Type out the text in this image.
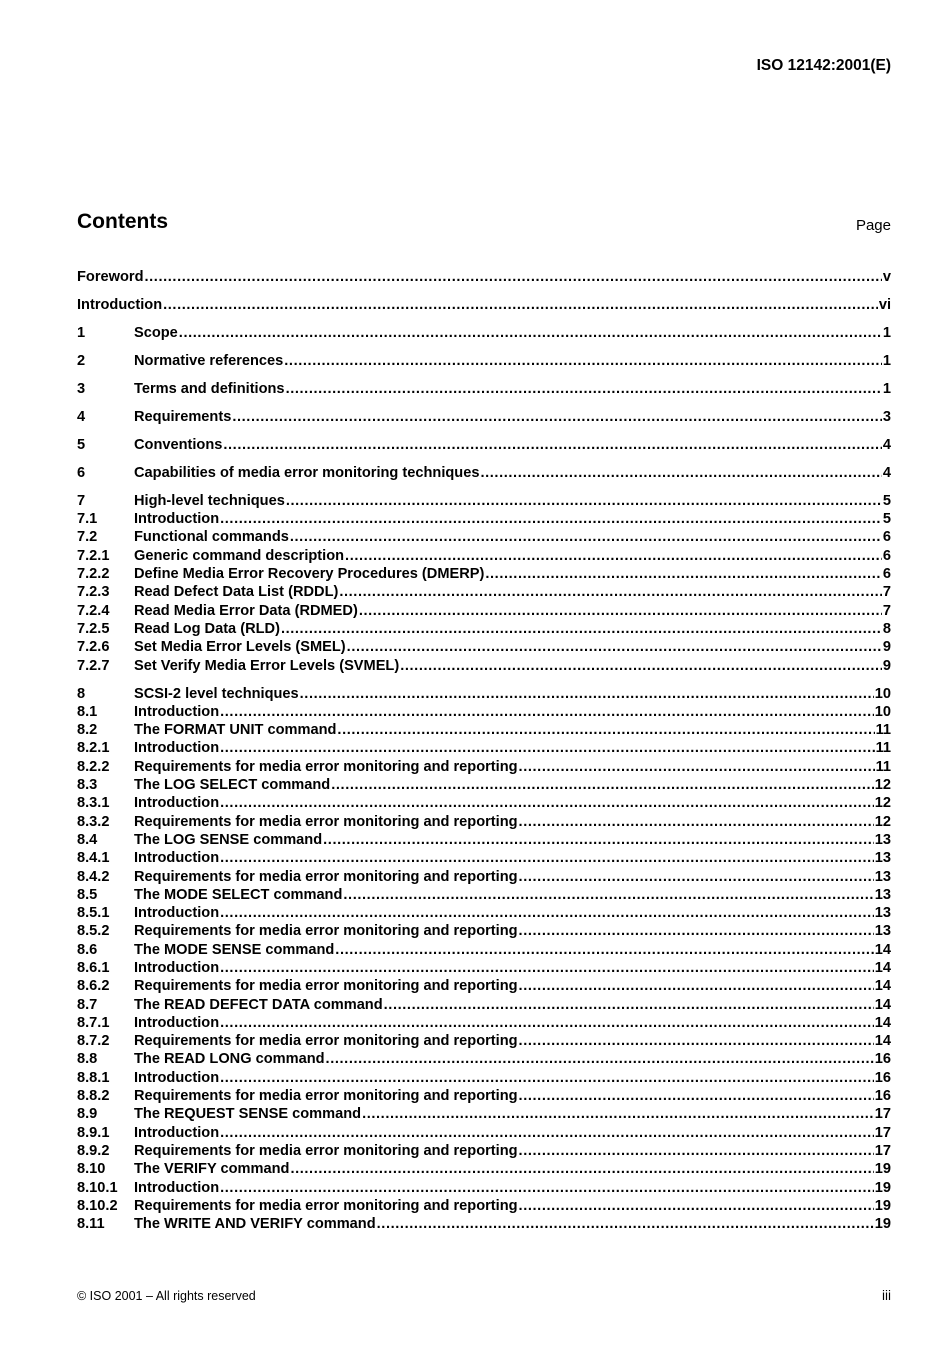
ISO 12142:2001(E)
Contents	Page
Foreword .....	v
Introduction .....	vi
1	Scope .....	1
2	Normative references .....	1
3	Terms and definitions .....	1
4	Requirements .....	3
5	Conventions .....	4
6	Capabilities of media error monitoring techniques .....	4
7	High-level techniques .....	5
7.1	Introduction .....	5
7.2	Functional commands .....	6
7.2.1	Generic command description .....	6
7.2.2	Define Media Error Recovery Procedures (DMERP) .....	6
7.2.3	Read Defect Data List (RDDL) .....	7
7.2.4	Read Media Error Data (RDMED) .....	7
7.2.5	Read Log Data (RLD) .....	8
7.2.6	Set Media Error Levels (SMEL) .....	9
7.2.7	Set Verify Media Error Levels (SVMEL) .....	9
8	SCSI-2 level techniques .....	10
8.1	Introduction .....	10
8.2	The FORMAT UNIT command .....	11
8.2.1	Introduction .....	11
8.2.2	Requirements for media error monitoring and reporting .....	11
8.3	The LOG SELECT command .....	12
8.3.1	Introduction .....	12
8.3.2	Requirements for media error monitoring and reporting .....	12
8.4	The LOG SENSE command .....	13
8.4.1	Introduction .....	13
8.4.2	Requirements for media error monitoring and reporting .....	13
8.5	The MODE SELECT command .....	13
8.5.1	Introduction .....	13
8.5.2	Requirements for media error monitoring and reporting .....	13
8.6	The MODE SENSE command .....	14
8.6.1	Introduction .....	14
8.6.2	Requirements for media error monitoring and reporting .....	14
8.7	The READ DEFECT DATA command .....	14
8.7.1	Introduction .....	14
8.7.2	Requirements for media error monitoring and reporting .....	14
8.8	The READ LONG command .....	16
8.8.1	Introduction .....	16
8.8.2	Requirements for media error monitoring and reporting .....	16
8.9	The REQUEST SENSE command .....	17
8.9.1	Introduction .....	17
8.9.2	Requirements for media error monitoring and reporting .....	17
8.10	The VERIFY command .....	19
8.10.1	Introduction .....	19
8.10.2	Requirements for media error monitoring and reporting .....	19
8.11	The WRITE AND VERIFY command .....	19
© ISO 2001 – All rights reserved	iii
